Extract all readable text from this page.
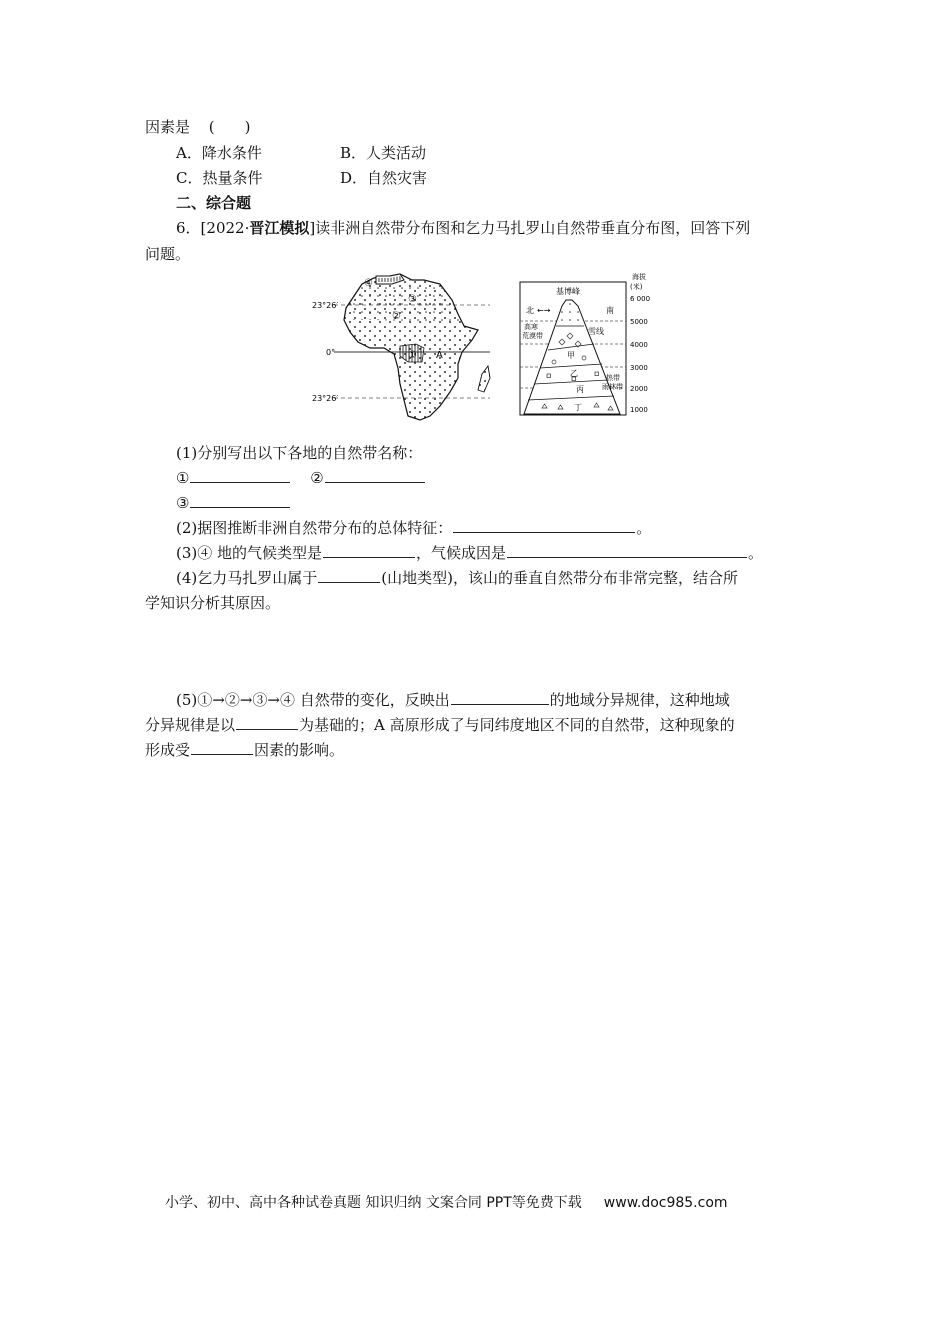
因素是 (　　)
A．降水条件	B．人类活动
C．热量条件	D．自然灾害
二、综合题
6．[2022·晋江模拟]读非洲自然带分布图和乞力马扎罗山自然带垂直分布图，回答下列
问题。
23°26′
0°
23°26′
①
②
③
④
A
基博峰
北 ←→	南
高寒
荒漠带	雪线
甲
乙
丙
丁
热带
雨林带
海拔
(米)
6 000
5000
4000
3000
2000
1000
(1)分别写出以下各地的自然带名称：
①	②
③
(2)据图推断非洲自然带分布的总体特征：	。
(3)④ 地的气候类型是	，气候成因是	。
(4)乞力马扎罗山属于	(山地类型)，该山的垂直自然带分布非常完整，结合所
学知识分析其原因。
(5)①→②→③→④ 自然带的变化，反映出	的地域分异规律，这种地域
分异规律是以	为基础的；A 高原形成了与同纬度地区不同的自然带，这种现象的
形成受	因素的影响。
小学、初中、高中各种试卷真题 知识归纳 文案合同 PPT等免费下载 www.doc985.com
